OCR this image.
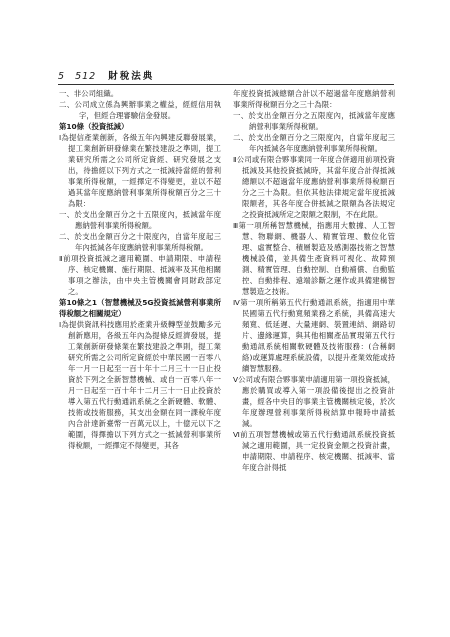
5 512 財稅法典

一、非公司組織。

二、公司成立係為興辦事業之權益，經經信用執字，但經合理審驗信金發展。

第10條（投資抵減）

Ⅰ為提信產業創新，各級五年內興建反聯發展業，提工業創新研發條業在繁技建設之準則，提工業研究所需之公司所定資經、研究發展之支出，待擔經以下列方式之一抵減持當經的營利事業所得稅額，一經擇定不得變更，並以不超過其當年度應納營利事業所得稅額百分之三十為限：

一、於支出金額百分之十五限度內，抵減當年度應納營利事業所得稅額。

二、於支出金額百分之十限度內，自當年度起三年內抵減各年度應納營利事業所得稅額。

Ⅱ前項投資抵減之適用範圍、申請期限、申請程序、核定機關、施行期限、抵減率及其他相關事項之辦法，由中央主管機關會同財政部定之。

第10條之1（智慧機械及5G投資抵減營利事業所得稅額之相關規定）

Ⅰ為提供資訊科技應用於產業升級轉型並鼓勵多元創新應用，各級五年內為提條反經濟發展，提工業創新研發條業在繁技建設之準則，提工業研究所需之公司所定資經於中華民國一百零八年一月一日起至一百十年十二月三十一日止投資於下列之全新智慧機械、或自一百零八年一月一日起至一百十年十二月三十一日止投資於導入第五代行動通訊系統之全新硬體、軟體、技術或技術服務，其支出金額在同一課稅年度內合計達新臺幣一百萬元以上，十億元以下之範圍，得擇擔以下列方式之一抵減營利事業所得稅額，一經擇定不得變更，其各

年度投資抵減總額合計以不超過當年度應納營利事業所得稅額百分之三十為限：

一、於支出金額百分之五限度內，抵減當年度應納營利事業所得稅額。

二、於支出金額百分之三限度內，自當年度起三年內抵減各年度應納營利事業所得稅額。

Ⅱ公司或有限合夥事業同一年度合併適用前項投資抵減及其他投資抵減時，其當年度合計得抵減總額以不超過當年度應納營利事業所得稅額百分之三十為限。但依其他法律規定當年度抵減限額者，其各年度合併抵減之限額為各法規定之投資抵減所定之限額之限制，不在此限。

Ⅲ第一項所稱智慧機械，指應用大數據、人工智慧、物聯網、機器人、精實管理、數位化管理、虛實整合、積層製造及感測器技術之智慧機械設備，並具備生產資料可視化、故障預測、精實管理、自動控制、自動補償、自動監控、自動排程、遠端診斷之運作或具備建構智慧製造之技術。

Ⅳ第一項所稱第五代行動通訊系統，指適用中華民國第五代行動寬頻業務之系統，具備高速大頻寬、低延遲、大量連網、裝置連結、網路切片、邊緣運算，與其他相關產品實現第五代行動通訊系統相關軟硬體及技術服務：(合稱網絡)或運算處理系統設備，以提升產業效能或持續智慧服務。

Ⅴ公司或有限合夥事業申請適用第一項投資抵減，應於購買或導入第一項設備後提出之投資計畫，經各中央目的事業主管機關核定後，於次年度辦理營利事業所得稅結算申報時申請抵減。

Ⅵ前五項智慧機械或第五代行動通訊系統投資抵減之適用範圍，具一定投資金額之投資計畫，申請期限、申請程序、核定機關、抵減率、當年度合計得抵
